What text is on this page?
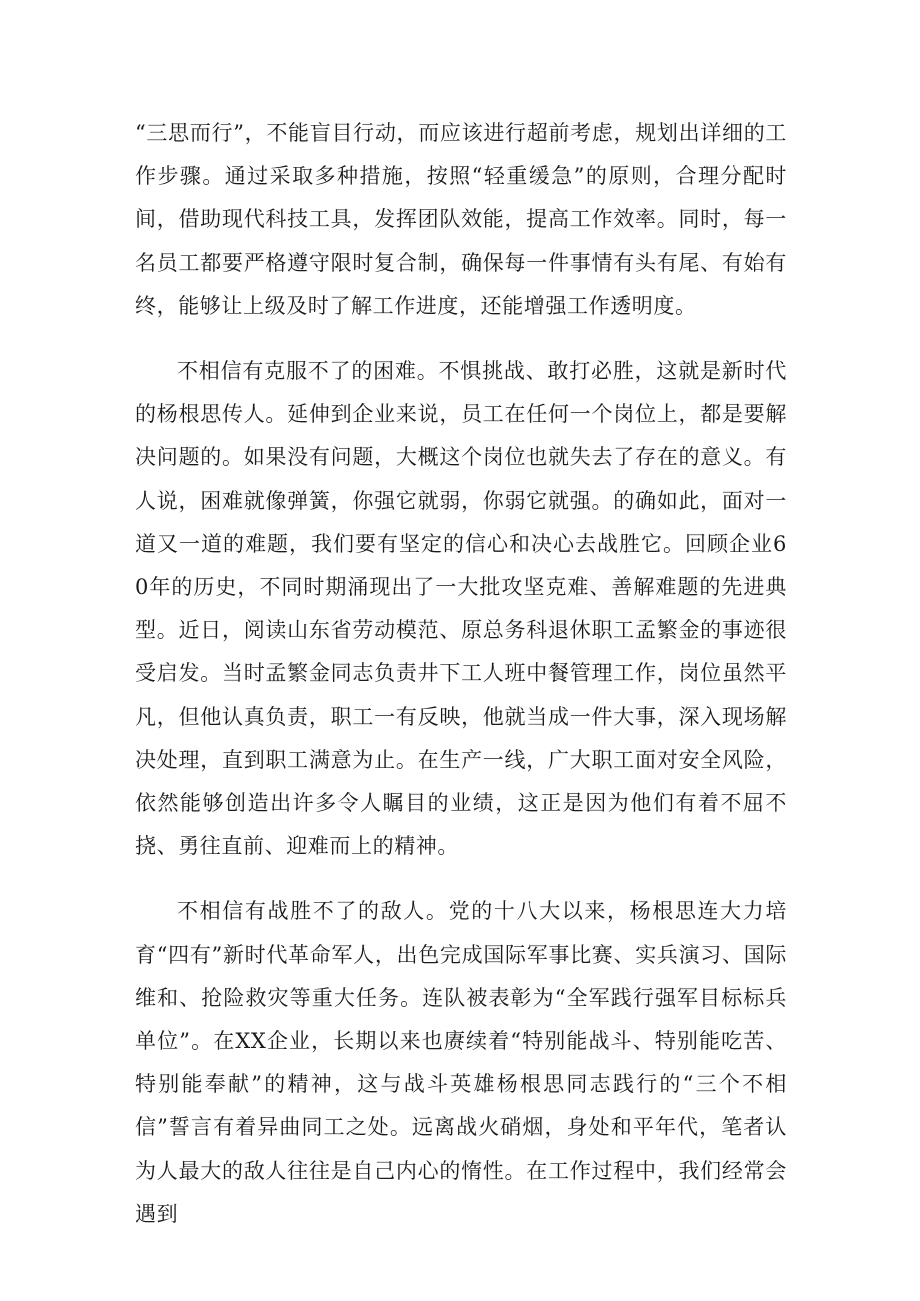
“三思而行”，不能盲目行动，而应该进行超前考虑，规划出详细的工作步骤。通过采取多种措施，按照“轻重缓急”的原则，合理分配时间，借助现代科技工具，发挥团队效能，提高工作效率。同时，每一名员工都要严格遵守限时复合制，确保每一件事情有头有尾、有始有终，能够让上级及时了解工作进度，还能增强工作透明度。

不相信有克服不了的困难。不惧挑战、敢打必胜，这就是新时代的杨根思传人。延伸到企业来说，员工在任何一个岗位上，都是要解决问题的。如果没有问题，大概这个岗位也就失去了存在的意义。有人说，困难就像弹簧，你强它就弱，你弱它就强。的确如此，面对一道又一道的难题，我们要有坚定的信心和决心去战胜它。回顾企业60年的历史，不同时期涌现出了一大批攻坚克难、善解难题的先进典型。近日，阅读山东省劳动模范、原总务科退休职工孟繁金的事迹很受启发。当时孟繁金同志负责井下工人班中餐管理工作，岗位虽然平凡，但他认真负责，职工一有反映，他就当成一件大事，深入现场解决处理，直到职工满意为止。在生产一线，广大职工面对安全风险，依然能够创造出许多令人瞩目的业绩，这正是因为他们有着不屈不挠、勇往直前、迎难而上的精神。

不相信有战胜不了的敌人。党的十八大以来，杨根思连大力培育“四有”新时代革命军人，出色完成国际军事比赛、实兵演习、国际维和、抢险救灾等重大任务。连队被表彰为“全军践行强军目标标兵单位”。在XX企业，长期以来也赓续着“特别能战斗、特别能吃苦、特别能奉献”的精神，这与战斗英雄杨根思同志践行的“三个不相信”誓言有着异曲同工之处。远离战火硝烟，身处和平年代，笔者认为人最大的敌人往往是自己内心的惰性。在工作过程中，我们经常会遇到
